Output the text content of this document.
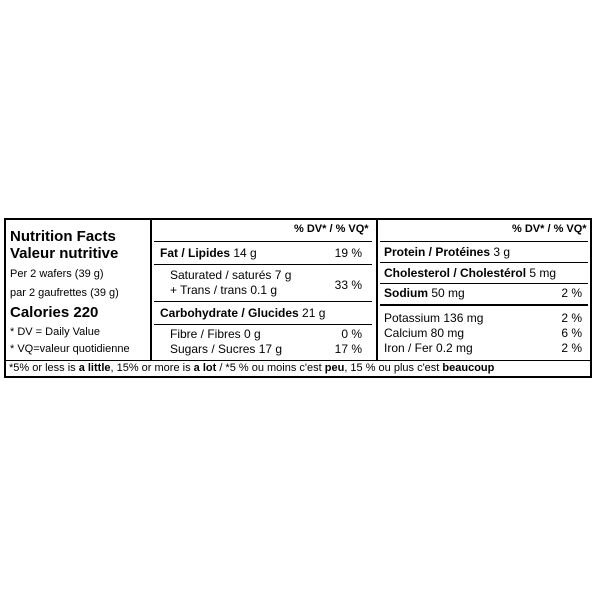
Nutrition Facts
Valeur nutritive
Per 2 wafers (39 g)
par 2 gaufrettes (39 g)
Calories 220
* DV = Daily Value
* VQ=valeur quotidienne
% DV* / % VQ*
Fat / Lipides 14 g	19 %
Saturated / saturés 7 g
+ Trans / trans 0.1 g	33 %
Carbohydrate / Glucides 21 g
Fibre / Fibres 0 g	0 %
Sugars / Sucres 17 g	17 %
% DV* / % VQ*
Protein / Protéines 3 g
Cholesterol / Cholestérol 5 mg
Sodium 50 mg	2 %
Potassium 136 mg	2 %
Calcium 80 mg	6 %
Iron / Fer 0.2 mg	2 %
*5% or less is a little, 15% or more is a lot / *5 % ou moins c'est peu, 15 % ou plus c'est beaucoup
